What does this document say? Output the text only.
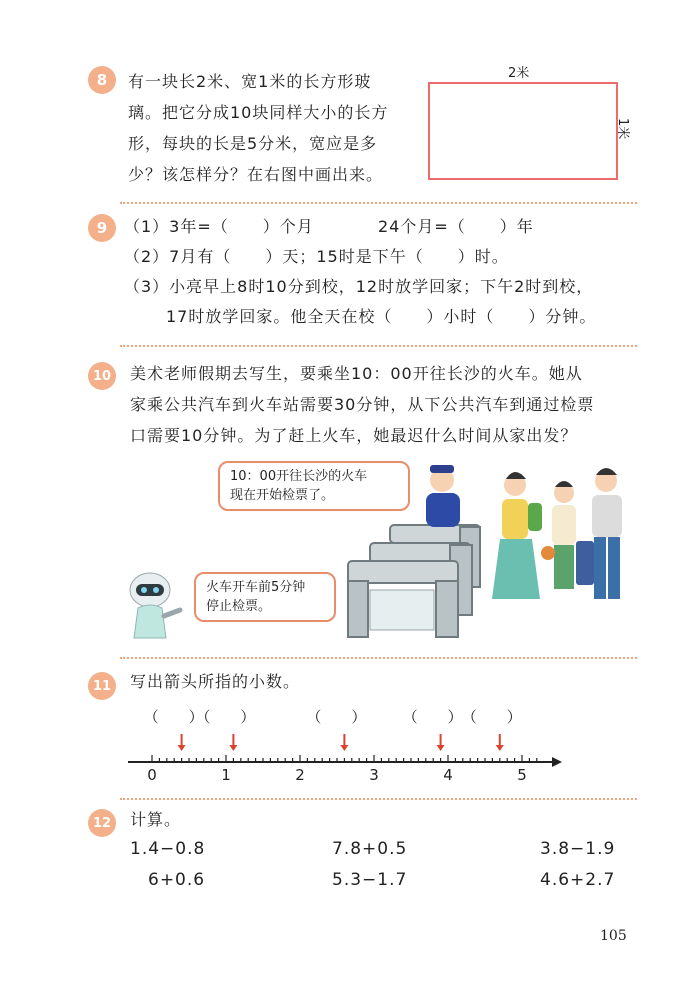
8	有一块长2米、宽1米的长方形玻
璃。把它分成10块同样大小的长方
形，每块的长是5分米，宽应是多
少？该怎样分？在右图中画出来。
2米
1米
9	（1）3年=（　　）个月	24个月=（　　）年
（2）7月有（　　）天；15时是下午（　　）时。
（3）小亮早上8时10分到校，12时放学回家；下午2时到校，
17时放学回家。他全天在校（　　）小时（　　）分钟。
10	美术老师假期去写生，要乘坐10：00开往长沙的火车。她从
家乘公共汽车到火车站需要30分钟，从下公共汽车到通过检票
口需要10分钟。为了赶上火车，她最迟什么时间从家出发？
10：00开往长沙的火车
现在开始检票了。
火车开车前5分钟
停止检票。
11	写出箭头所指的小数。
0	1	2	3	4	5
（　　）
（　　）	（　　） （　　） （　　）
12	计算。
1.4−0.8	7.8+0.5	3.8−1.9
6+0.6	5.3−1.7	4.6+2.7
105
